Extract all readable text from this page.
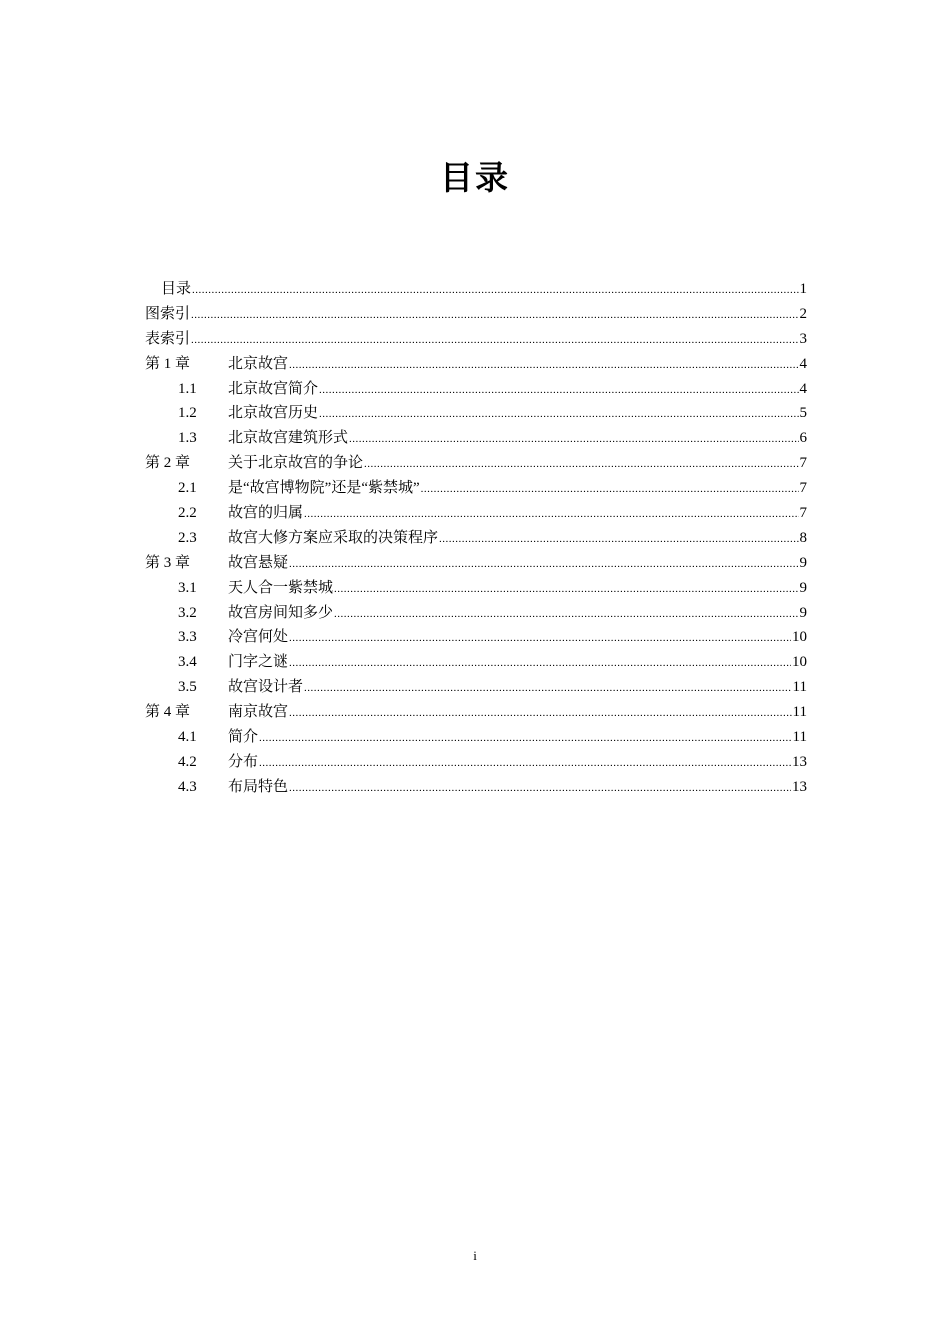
目录
目录 .....	1
图索引 .....	2
表索引 .....	3
第 1 章	北京故宫 .....	4
1.1	北京故宫简介 .....	4
1.2	北京故宫历史 .....	5
1.3	北京故宫建筑形式 .....	6
第 2 章	关于北京故宫的争论 .....	7
2.1	是“故宫博物院”还是“紫禁城” .....	7
2.2	故宫的归属 .....	7
2.3	故宫大修方案应采取的决策程序 .....	8
第 3 章	故宫悬疑 .....	9
3.1	天人合一紫禁城 .....	9
3.2	故宫房间知多少 .....	9
3.3	冷宫何处 .....	10
3.4	门字之谜 .....	10
3.5	故宫设计者 .....	11
第 4 章	南京故宫 .....	11
4.1	简介 .....	11
4.2	分布 .....	13
4.3	布局特色 .....	13
i
